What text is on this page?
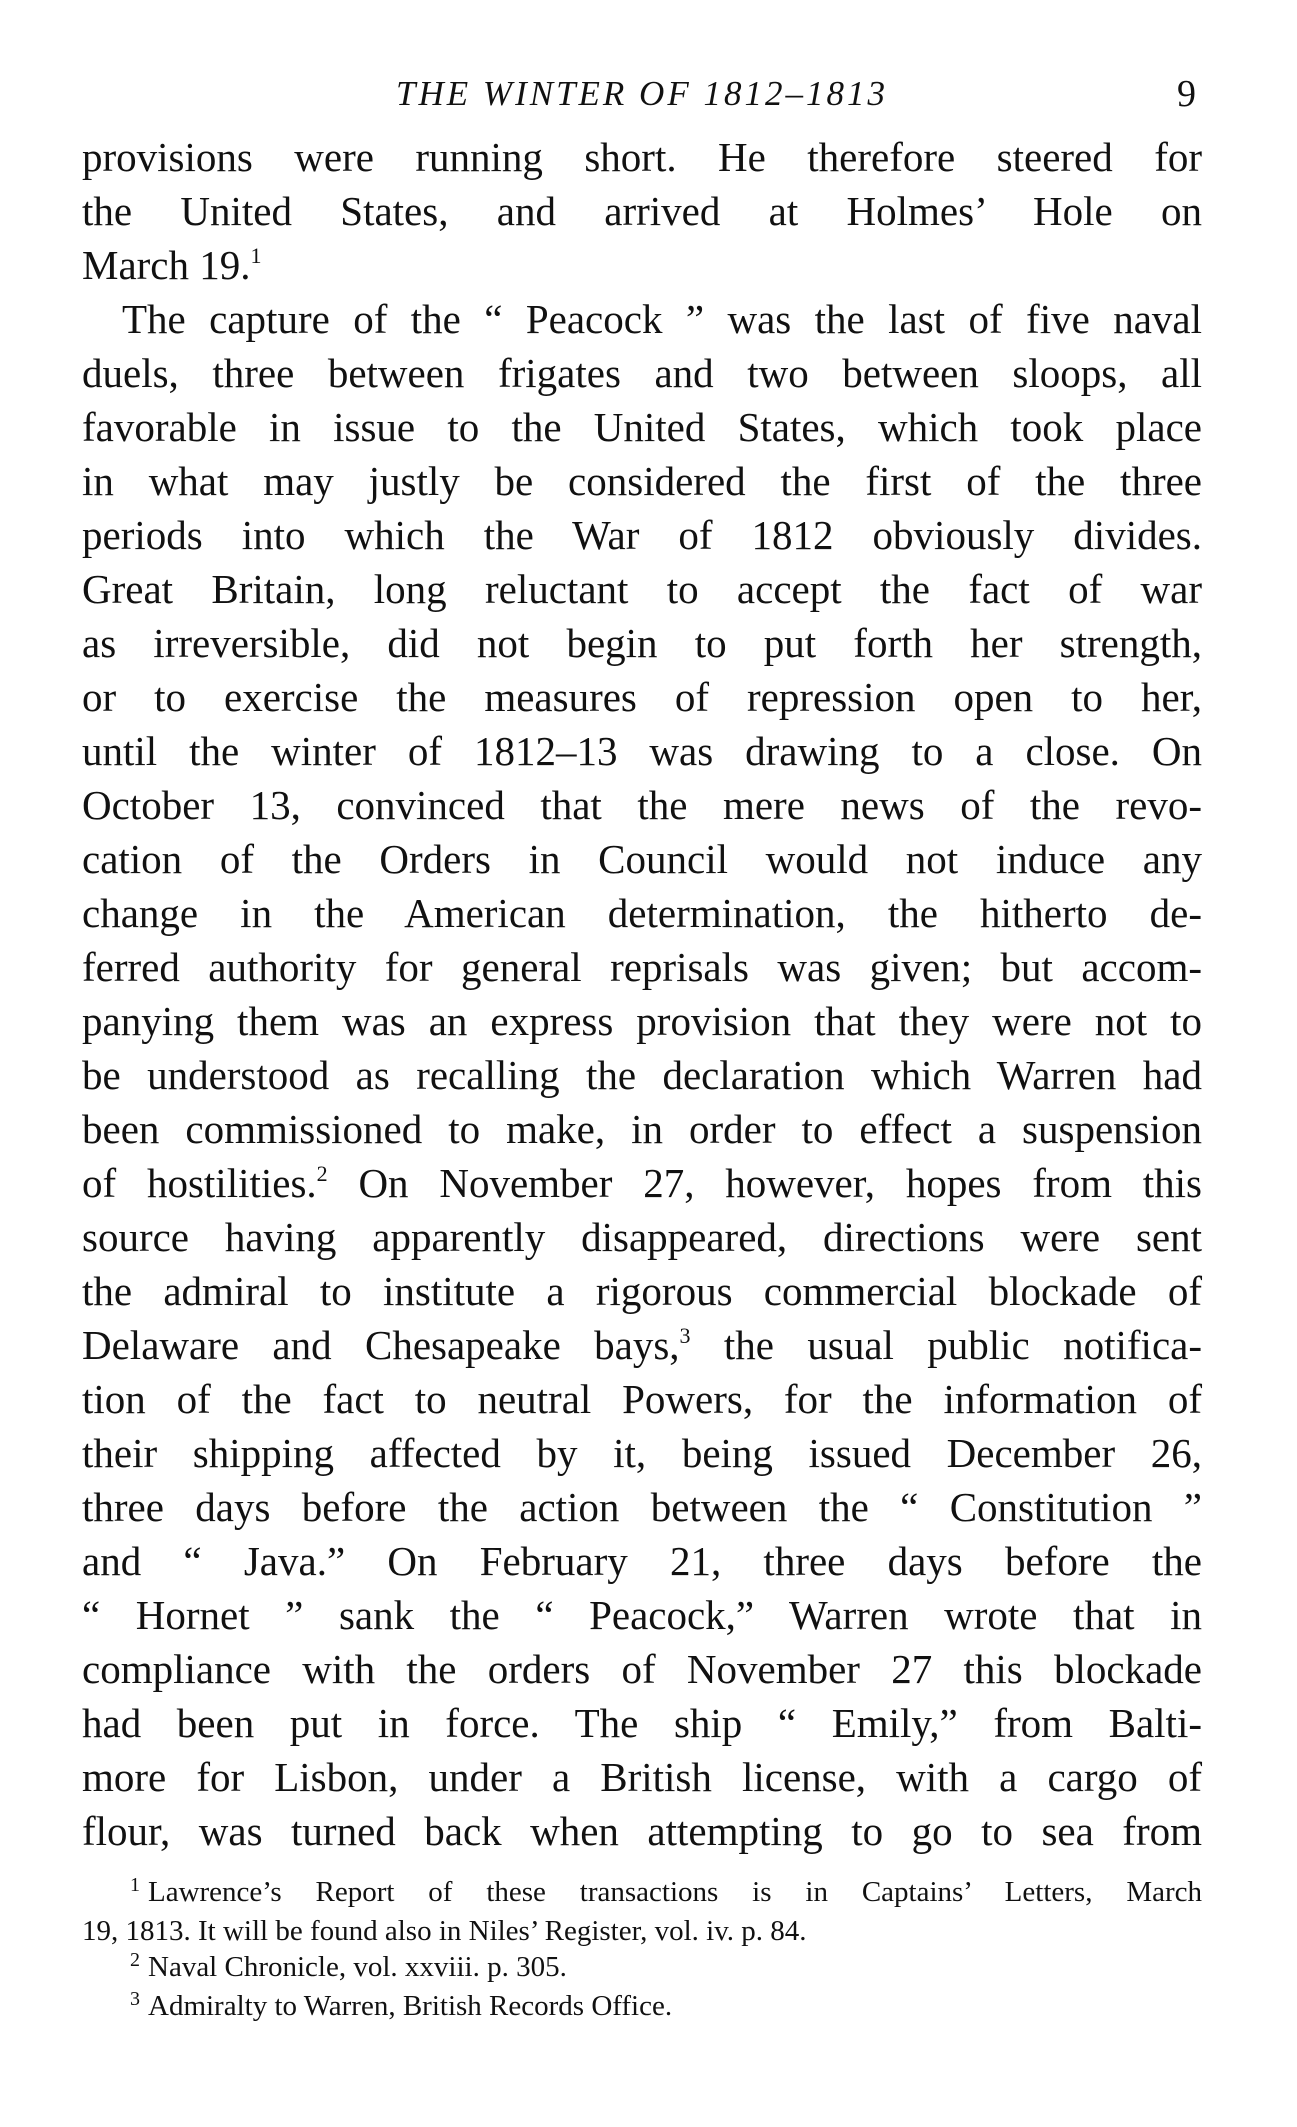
THE WINTER OF 1812–1813	9

provisions were running short. He therefore steered for
the United States, and arrived at Holmes’ Hole on
March 19.$^1$

The capture of the “ Peacock ” was the last of five naval
duels, three between frigates and two between sloops, all
favorable in issue to the United States, which took place
in what may justly be considered the first of the three
periods into which the War of 1812 obviously divides.
Great Britain, long reluctant to accept the fact of war
as irreversible, did not begin to put forth her strength,
or to exercise the measures of repression open to her,
until the winter of 1812–13 was drawing to a close. On
October 13, convinced that the mere news of the revo-
cation of the Orders in Council would not induce any
change in the American determination, the hitherto de-
ferred authority for general reprisals was given; but accom-
panying them was an express provision that they were not to
be understood as recalling the declaration which Warren had
been commissioned to make, in order to effect a suspension
of hostilities.$^2$ On November 27, however, hopes from this
source having apparently disappeared, directions were sent
the admiral to institute a rigorous commercial blockade of
Delaware and Chesapeake bays,$^3$ the usual public notifica-
tion of the fact to neutral Powers, for the information of
their shipping affected by it, being issued December 26,
three days before the action between the “ Constitution ”
and “ Java.” On February 21, three days before the
“ Hornet ” sank the “ Peacock,” Warren wrote that in
compliance with the orders of November 27 this blockade
had been put in force. The ship “ Emily,” from Balti-
more for Lisbon, under a British license, with a cargo of
flour, was turned back when attempting to go to sea from

$^1$ Lawrence’s Report of these transactions is in Captains’ Letters, March
19, 1813. It will be found also in Niles’ Register, vol. iv. p. 84.
$^2$ Naval Chronicle, vol. xxviii. p. 305.
$^3$ Admiralty to Warren, British Records Office.
